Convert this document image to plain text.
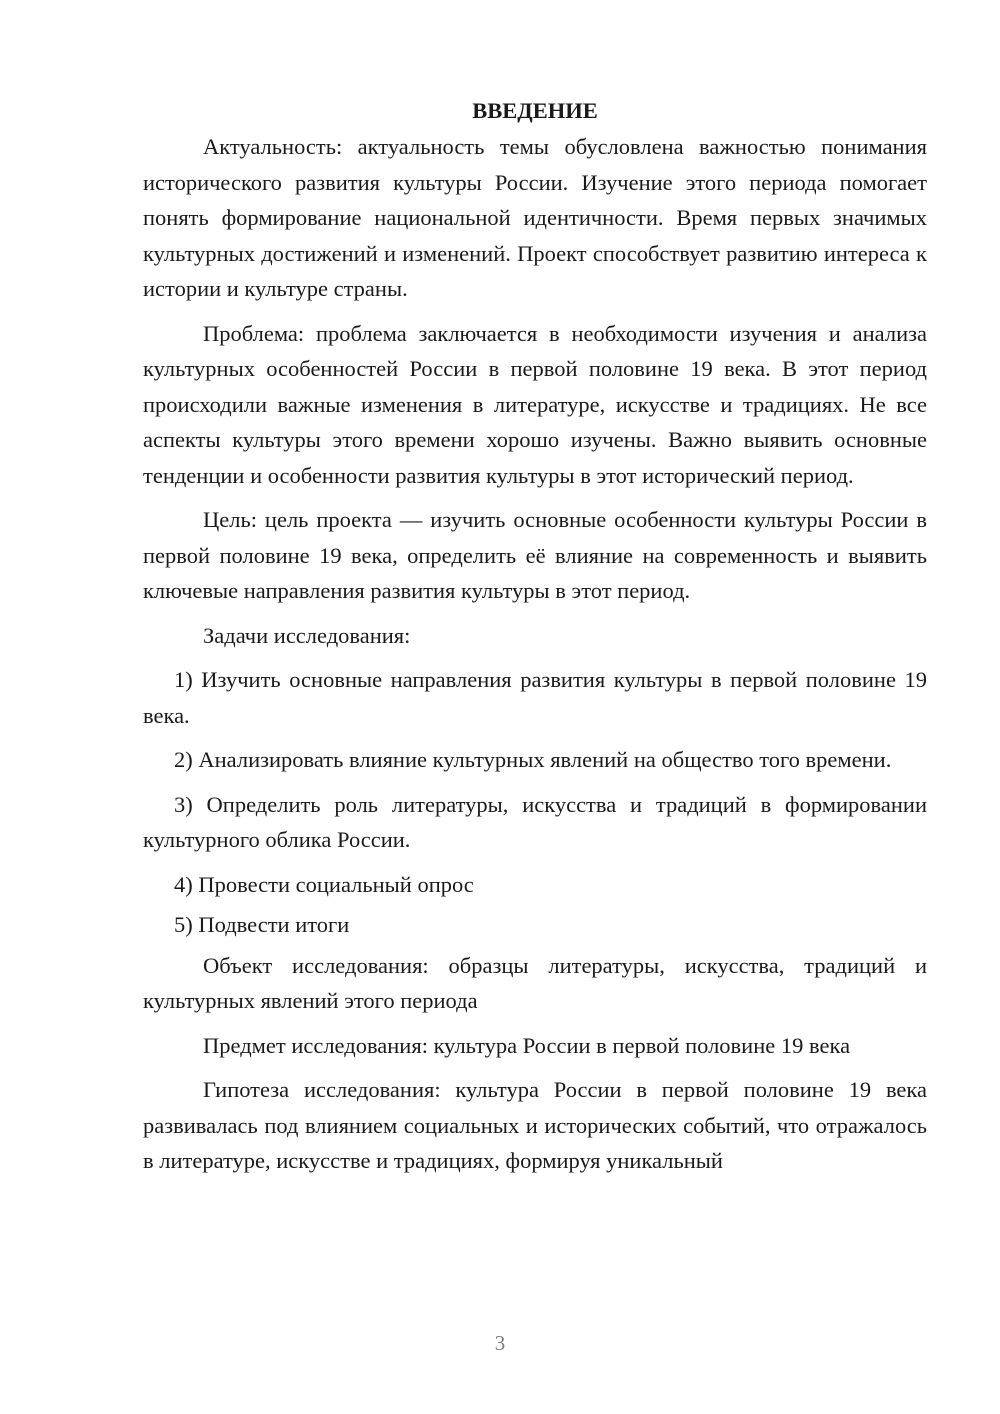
ВВЕДЕНИЕ

Актуальность: актуальность темы обусловлена важностью понимания исторического развития культуры России. Изучение этого периода помогает понять формирование национальной идентичности. Время первых значимых культурных достижений и изменений. Проект способствует развитию интереса к истории и культуре страны.

Проблема: проблема заключается в необходимости изучения и анализа культурных особенностей России в первой половине 19 века. В этот период происходили важные изменения в литературе, искусстве и традициях. Не все аспекты культуры этого времени хорошо изучены. Важно выявить основные тенденции и особенности развития культуры в этот исторический период.

Цель: цель проекта — изучить основные особенности культуры России в первой половине 19 века, определить её влияние на современность и выявить ключевые направления развития культуры в этот период.

Задачи исследования:

1) Изучить основные направления развития культуры в первой половине 19 века.

2) Анализировать влияние культурных явлений на общество того времени.

3) Определить роль литературы, искусства и традиций в формировании культурного облика России.

4) Провести социальный опрос

5) Подвести итоги

Объект исследования: образцы литературы, искусства, традиций и культурных явлений этого периода

Предмет исследования: культура России в первой половине 19 века

Гипотеза исследования: культура России в первой половине 19 века развивалась под влиянием социальных и исторических событий, что отражалось в литературе, искусстве и традициях, формируя уникальный

3
